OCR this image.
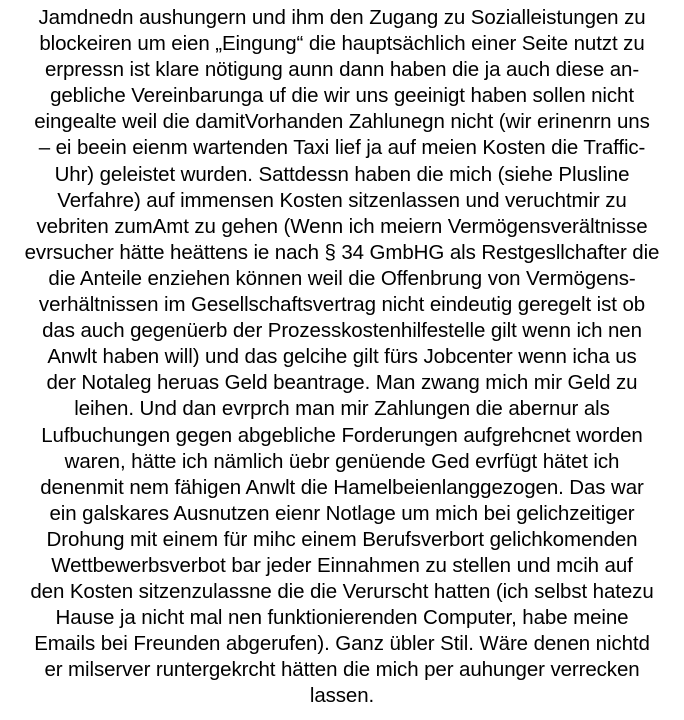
Jamdnedn aushungern und ihm den Zugang zu Sozialleistungen zu
blockeiren um eien „Eingung“ die hauptsächlich einer Seite nutzt zu
erpressn ist klare nötigung aunn dann haben die ja auch diese an-
gebliche Vereinbarunga uf die wir uns geeinigt haben sollen nicht
eingealte weil die damitVorhanden Zahlunegn nicht (wir erinenrn uns
– ei beein eienm wartenden Taxi lief ja auf meien Kosten die Traffic-
Uhr) geleistet wurden. Sattdessn haben die mich (siehe Plusline
Verfahre) auf immensen Kosten sitzenlassen und veruchtmir zu
vebriten zumAmt zu gehen (Wenn ich meiern Vermögensverältnisse
evrsucher hätte heättens ie nach § 34 GmbHG als Restgesllchafter die
die Anteile enziehen können weil die Offenbrung von Vermögens-
verhältnissen im Gesellschaftsvertrag nicht eindeutig geregelt ist ob
das auch gegenüerb der Prozesskostenhilfestelle gilt wenn ich nen
Anwlt haben will) und das gelcihe gilt fürs Jobcenter wenn icha us
der Notaleg heruas Geld beantrage. Man zwang mich mir Geld zu
leihen. Und dan evrprch man mir Zahlungen die abernur als
Lufbuchungen gegen abgebliche Forderungen aufgrehcnet worden
waren, hätte ich nämlich üebr genüende Ged evrfügt hätet ich
denenmit nem fähigen Anwlt die Hamelbeienlanggezogen. Das war
ein galskares Ausnutzen eienr Notlage um mich bei gelichzeitiger
Drohung mit einem für mihc einem Berufsverbort gelichkomenden
Wettbewerbsverbot bar jeder Einnahmen zu stellen und mcih auf
den Kosten sitzenzulassne die die Verurscht hatten (ich selbst hatezu
Hause ja nicht mal nen funktionierenden Computer, habe meine
Emails bei Freunden abgerufen). Ganz übler Stil. Wäre denen nichtd
er milserver runtergekrcht hätten die mich per auhunger verrecken
lassen.
